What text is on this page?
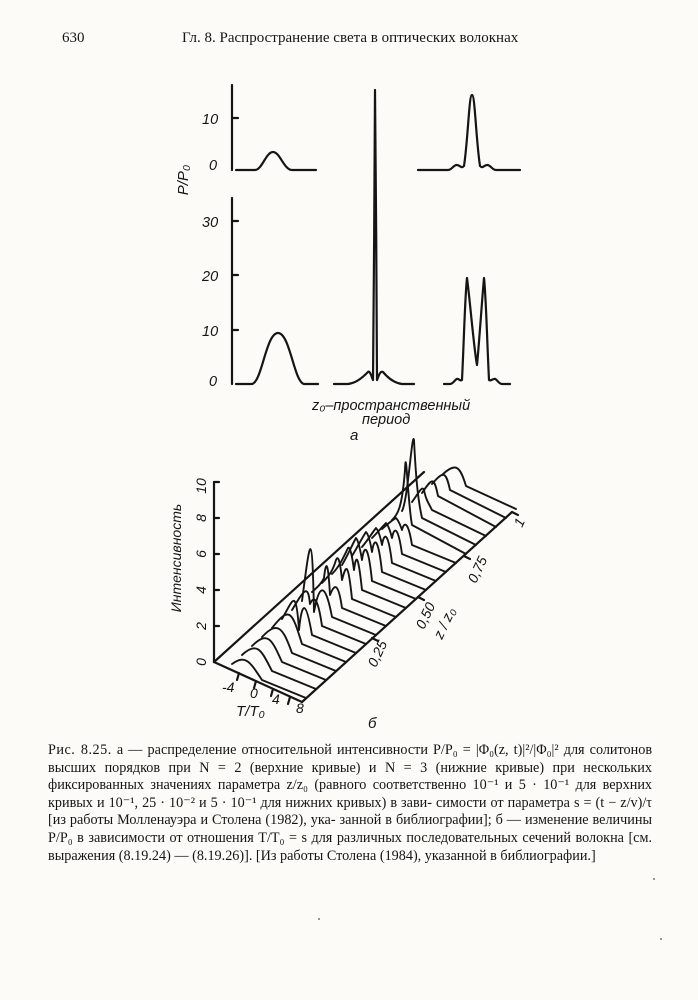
630	Гл. 8. Распространение света в оптических волокнах
P/P₀
10
0
30
20
10
0
z₀–пространственный
период
а
Интенсивность
10
8
6
4
2
0
-4 0 4
8
T/T₀
0,25
0,50
0,75
1
z / z₀
б
Рис. 8.25. а — распределение относительной интенсивности P/P₀ = |Φ₀(z, t)|²/|Φ₀|² для солитонов высших порядков при N = 2 (верхние кривые) и N = 3 (нижние кривые) при нескольких фиксированных значениях параметра z/z₀ (равного соответственно 10⁻¹ и 5 · 10⁻¹ для верхних кривых и 10⁻¹, 25 · 10⁻² и 5 · 10⁻¹ для нижних кривых) в зави- симости от параметра s = (t − z/v)/τ [из работы Молленауэра и Столена (1982), ука- занной в библиографии]; б — изменение величины P/P₀ в зависимости от отношения T/T₀ = s для различных последовательных сечений волокна [см. выражения (8.19.24) — (8.19.26)]. [Из работы Столена (1984), указанной в библиографии.]
